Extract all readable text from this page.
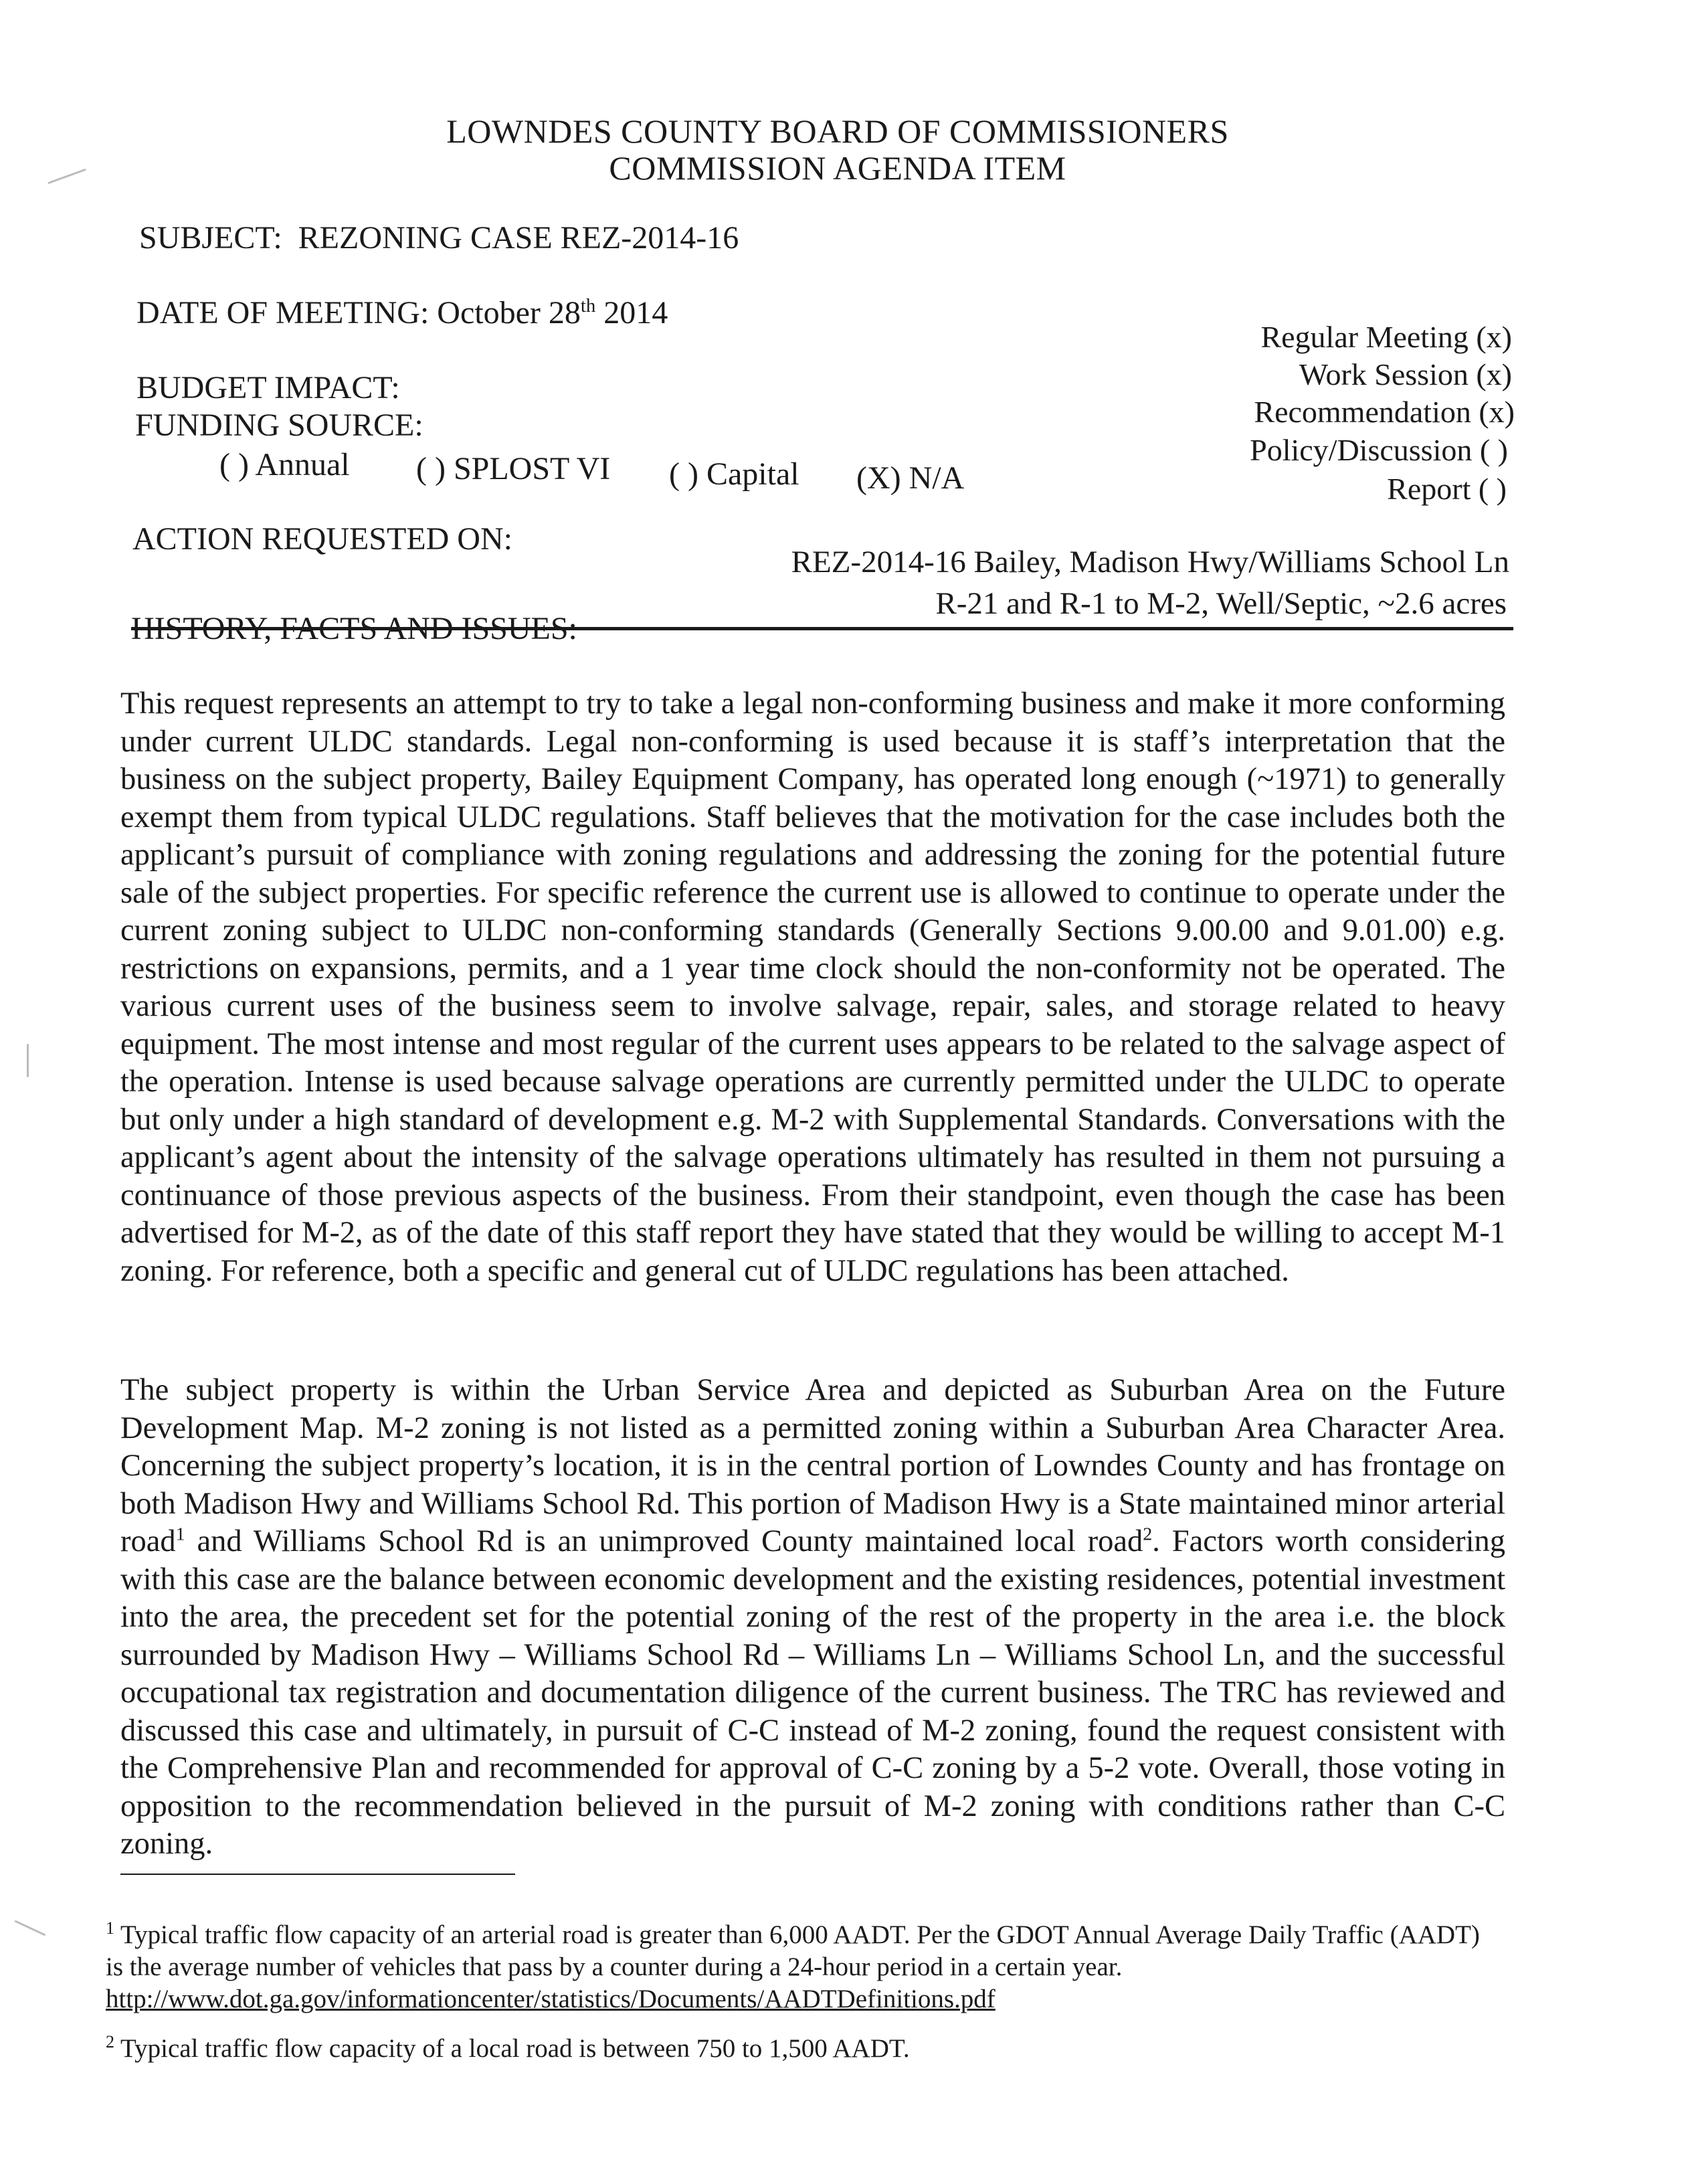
LOWNDES COUNTY BOARD OF COMMISSIONERS
COMMISSION AGENDA ITEM
SUBJECT: REZONING CASE REZ-2014-16
DATE OF MEETING: October 28th 2014
Regular Meeting (x)
Work Session (x)
Recommendation (x)
Policy/Discussion ( )
Report ( )
BUDGET IMPACT:
FUNDING SOURCE:
( ) Annual ( ) SPLOST VI ( ) Capital (X) N/A
ACTION REQUESTED ON:
REZ-2014-16 Bailey, Madison Hwy/Williams School Ln
R-21 and R-1 to M-2, Well/Septic, ~2.6 acres
HISTORY, FACTS AND ISSUES:
This request represents an attempt to try to take a legal non-conforming business and make it more conforming under current ULDC standards. Legal non-conforming is used because it is staff’s interpretation that the business on the subject property, Bailey Equipment Company, has operated long enough (~1971) to generally exempt them from typical ULDC regulations. Staff believes that the motivation for the case includes both the applicant’s pursuit of compliance with zoning regulations and addressing the zoning for the potential future sale of the subject properties. For specific reference the current use is allowed to continue to operate under the current zoning subject to ULDC non-conforming standards (Generally Sections 9.00.00 and 9.01.00) e.g. restrictions on expansions, permits, and a 1 year time clock should the non-conformity not be operated. The various current uses of the business seem to involve salvage, repair, sales, and storage related to heavy equipment. The most intense and most regular of the current uses appears to be related to the salvage aspect of the operation. Intense is used because salvage operations are currently permitted under the ULDC to operate but only under a high standard of development e.g. M-2 with Supplemental Standards. Conversations with the applicant’s agent about the intensity of the salvage operations ultimately has resulted in them not pursuing a continuance of those previous aspects of the business. From their standpoint, even though the case has been advertised for M-2, as of the date of this staff report they have stated that they would be willing to accept M-1 zoning. For reference, both a specific and general cut of ULDC regulations has been attached.
The subject property is within the Urban Service Area and depicted as Suburban Area on the Future Development Map. M-2 zoning is not listed as a permitted zoning within a Suburban Area Character Area. Concerning the subject property’s location, it is in the central portion of Lowndes County and has frontage on both Madison Hwy and Williams School Rd. This portion of Madison Hwy is a State maintained minor arterial road$^1$ and Williams School Rd is an unimproved County maintained local road$^2$. Factors worth considering with this case are the balance between economic development and the existing residences, potential investment into the area, the precedent set for the potential zoning of the rest of the property in the area i.e. the block surrounded by Madison Hwy – Williams School Rd – Williams Ln – Williams School Ln, and the successful occupational tax registration and documentation diligence of the current business. The TRC has reviewed and discussed this case and ultimately, in pursuit of C-C instead of M-2 zoning, found the request consistent with the Comprehensive Plan and recommended for approval of C-C zoning by a 5-2 vote. Overall, those voting in opposition to the recommendation believed in the pursuit of M-2 zoning with conditions rather than C-C zoning.
$^1$ Typical traffic flow capacity of an arterial road is greater than 6,000 AADT. Per the GDOT Annual Average Daily Traffic (AADT) is the average number of vehicles that pass by a counter during a 24-hour period in a certain year.
http://www.dot.ga.gov/informationcenter/statistics/Documents/AADTDefinitions.pdf
$^2$ Typical traffic flow capacity of a local road is between 750 to 1,500 AADT.
